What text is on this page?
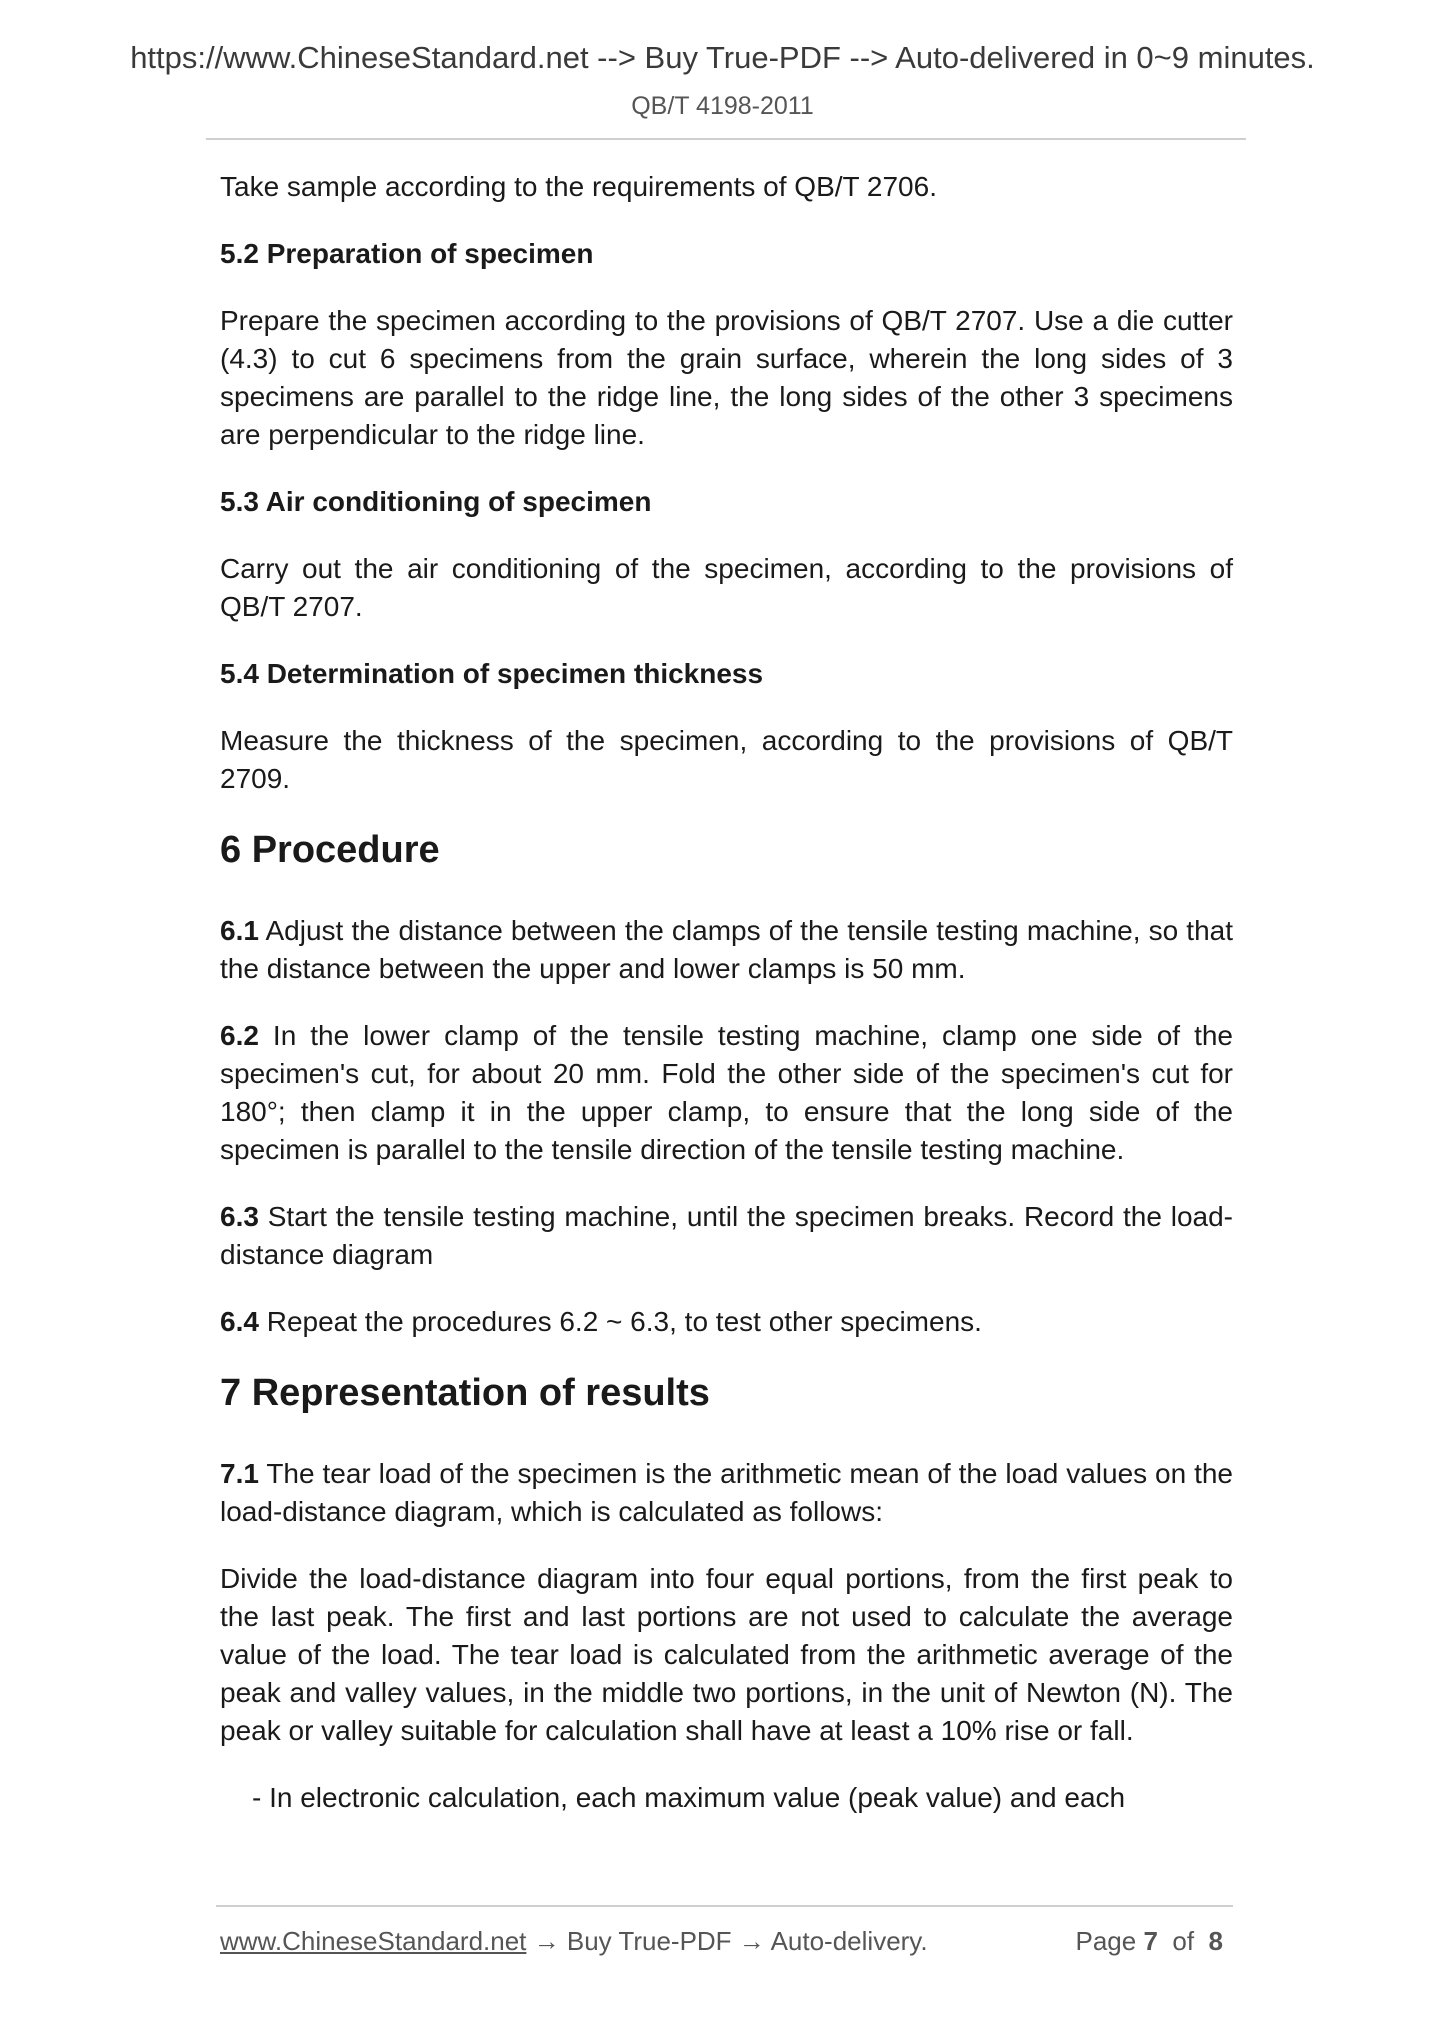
https://www.ChineseStandard.net --> Buy True-PDF --> Auto-delivered in 0~9 minutes.
QB/T 4198-2011

Take sample according to the requirements of QB/T 2706.

5.2 Preparation of specimen

Prepare the specimen according to the provisions of QB/T 2707. Use a die cutter (4.3) to cut 6 specimens from the grain surface, wherein the long sides of 3 specimens are parallel to the ridge line, the long sides of the other 3 specimens are perpendicular to the ridge line.

5.3 Air conditioning of specimen

Carry out the air conditioning of the specimen, according to the provisions of QB/T 2707.

5.4 Determination of specimen thickness

Measure the thickness of the specimen, according to the provisions of QB/T 2709.

6 Procedure

6.1 Adjust the distance between the clamps of the tensile testing machine, so that the distance between the upper and lower clamps is 50 mm.

6.2 In the lower clamp of the tensile testing machine, clamp one side of the specimen's cut, for about 20 mm. Fold the other side of the specimen's cut for 180°; then clamp it in the upper clamp, to ensure that the long side of the specimen is parallel to the tensile direction of the tensile testing machine.

6.3 Start the tensile testing machine, until the specimen breaks. Record the load-distance diagram

6.4 Repeat the procedures 6.2 ~ 6.3, to test other specimens.

7 Representation of results

7.1 The tear load of the specimen is the arithmetic mean of the load values on the load-distance diagram, which is calculated as follows:

Divide the load-distance diagram into four equal portions, from the first peak to the last peak. The first and last portions are not used to calculate the average value of the load. The tear load is calculated from the arithmetic average of the peak and valley values, in the middle two portions, in the unit of Newton (N). The peak or valley suitable for calculation shall have at least a 10% rise or fall.

- In electronic calculation, each maximum value (peak value) and each

www.ChineseStandard.net → Buy True-PDF → Auto-delivery.	Page 7 of 8
